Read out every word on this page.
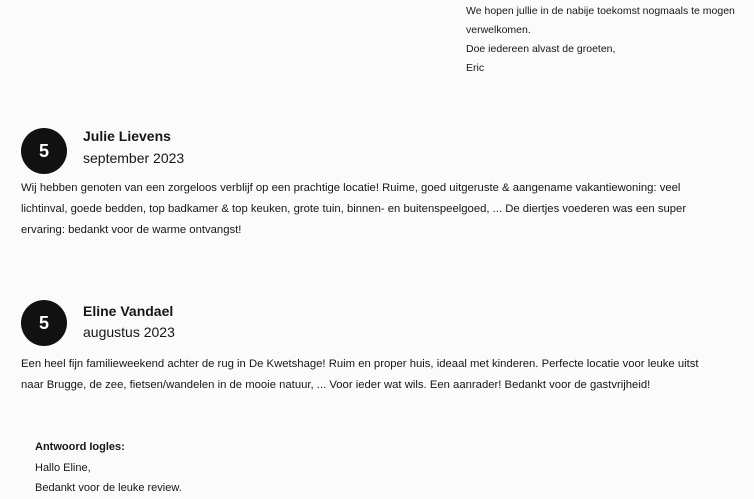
We hopen jullie in de nabije toekomst nogmaals te mogen
verwelkomen.
Doe iedereen alvast de groeten,
Eric
5
Julie Lievens
september 2023
Wij hebben genoten van een zorgeloos verblijf op een prachtige locatie! Ruime, goed uitgeruste & aangename vakantiewoning: veel
lichtinval, goede bedden, top badkamer & top keuken, grote tuin, binnen- en buitenspeelgoed, ... De diertjes voederen was een super
ervaring: bedankt voor de warme ontvangst!
5
Eline Vandael
augustus 2023
Een heel fijn familieweekend achter de rug in De Kwetshage! Ruim en proper huis, ideaal met kinderen. Perfecte locatie voor leuke uitst
naar Brugge, de zee, fietsen/wandelen in de mooie natuur, ... Voor ieder wat wils. Een aanrader! Bedankt voor de gastvrijheid!
Antwoord Iogles:
Hallo Eline,
Bedankt voor de leuke review.
